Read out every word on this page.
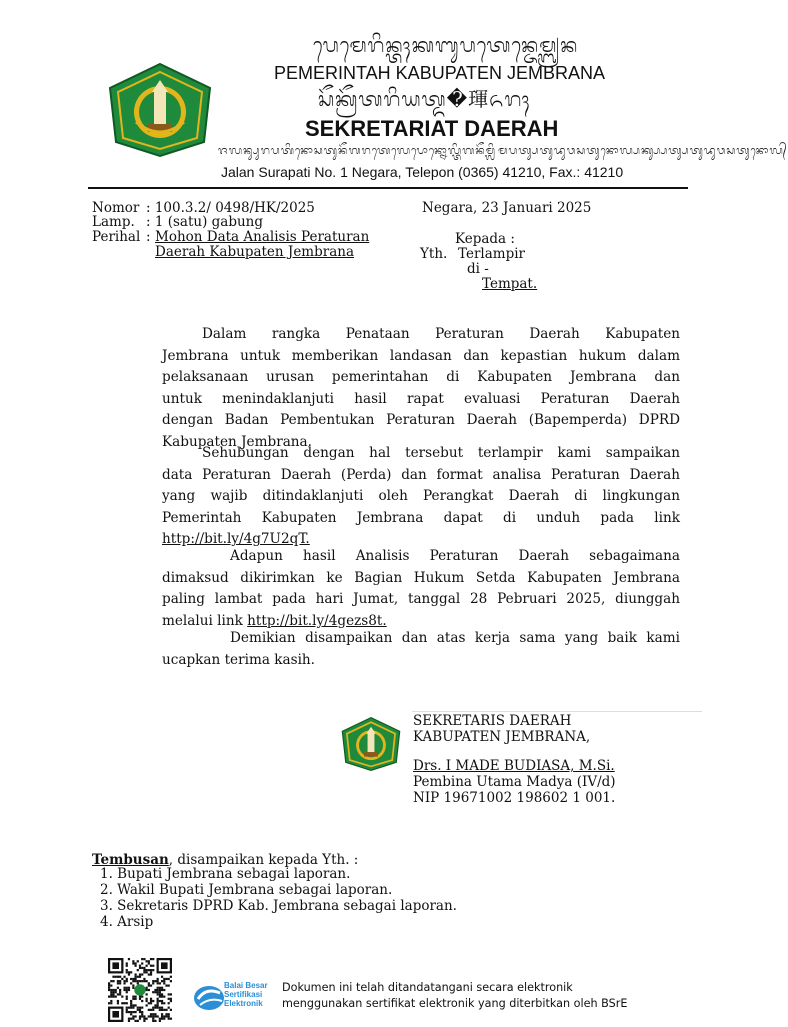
ᬧᬾᬫᬾᬭᬶᬦ᭄ᬢᬄᬓᬩᬸᬧᬢᬾᬦ᭄ᬚᬾᬫ᭄ᬩ᭄ᬭᬦ
PEMERINTAH KABUPATEN JEMBRANA
ᬲᭂᬓ᭄ᬭᭂᬢᬭᬶᬬᬢ᭄ᬤ�琿ᬏᬭᬄ
SEKRETARIAT DAERAH
ᬚᬮᬦ᭄ᬲᬸᬭᬧᬢᬶᬦᭀᬲᬢᬸᬦᭂᬕᬭᬢᬾᬮᬾᬧᭀᬦ᭄ᬦᭀᬮ᭄ᬢᬶᬕᬦᭂᬫ᭄ᬮᬶᬫᬧᬢ᭄ᬲᬢᬸᬤᬸᬯᬲᬢᬸᬦᭀᬮ᭄ᬧᬓ᭄ᬲ᭄ᬧᬢ᭄ᬲᬢᬸᬤᬸᬯᬲᬢᬸᬦᭀᬮ᭄
Jalan Surapati No. 1 Negara, Telepon (0365) 41210, Fax.: 41210
Nomor : 100.3.2/ 0498/HK/2025
Lamp. : 1 (satu) gabung
Perihal : Mohon Data Analisis Peraturan
Daerah Kabupaten Jembrana
Negara, 23 Januari 2025
Kepada :
Yth. Terlampir
di -
Tempat.
Dalam rangka Penataan Peraturan Daerah Kabupaten
Jembrana untuk memberikan landasan dan kepastian hukum dalam
pelaksanaan urusan pemerintahan di Kabupaten Jembrana dan
untuk menindaklanjuti hasil rapat evaluasi Peraturan Daerah
dengan Badan Pembentukan Peraturan Daerah (Bapemperda) DPRD
Kabupaten Jembrana.
Sehubungan dengan hal tersebut terlampir kami sampaikan
data Peraturan Daerah (Perda) dan format analisa Peraturan Daerah
yang wajib ditindaklanjuti oleh Perangkat Daerah di lingkungan
Pemerintah Kabupaten Jembrana dapat di unduh pada link
http://bit.ly/4g7U2qT.
Adapun hasil Analisis Peraturan Daerah sebagaimana
dimaksud dikirimkan ke Bagian Hukum Setda Kabupaten Jembrana
paling lambat pada hari Jumat, tanggal 28 Pebruari 2025, diunggah
melalui link http://bit.ly/4gezs8t.
Demikian disampaikan dan atas kerja sama yang baik kami
ucapkan terima kasih.
SEKRETARIS DAERAH
KABUPATEN JEMBRANA,
Drs. I MADE BUDIASA, M.Si.
Pembina Utama Madya (IV/d)
NIP 19671002 198602 1 001.
Tembusan, disampaikan kepada Yth. :
1. Bupati Jembrana sebagai laporan.
2. Wakil Bupati Jembrana sebagai laporan.
3. Sekretaris DPRD Kab. Jembrana sebagai laporan.
4. Arsip
Balai Besar
Sertifikasi
Elektronik
Dokumen ini telah ditandatangani secara elektronik
menggunakan sertifikat elektronik yang diterbitkan oleh BSrE
